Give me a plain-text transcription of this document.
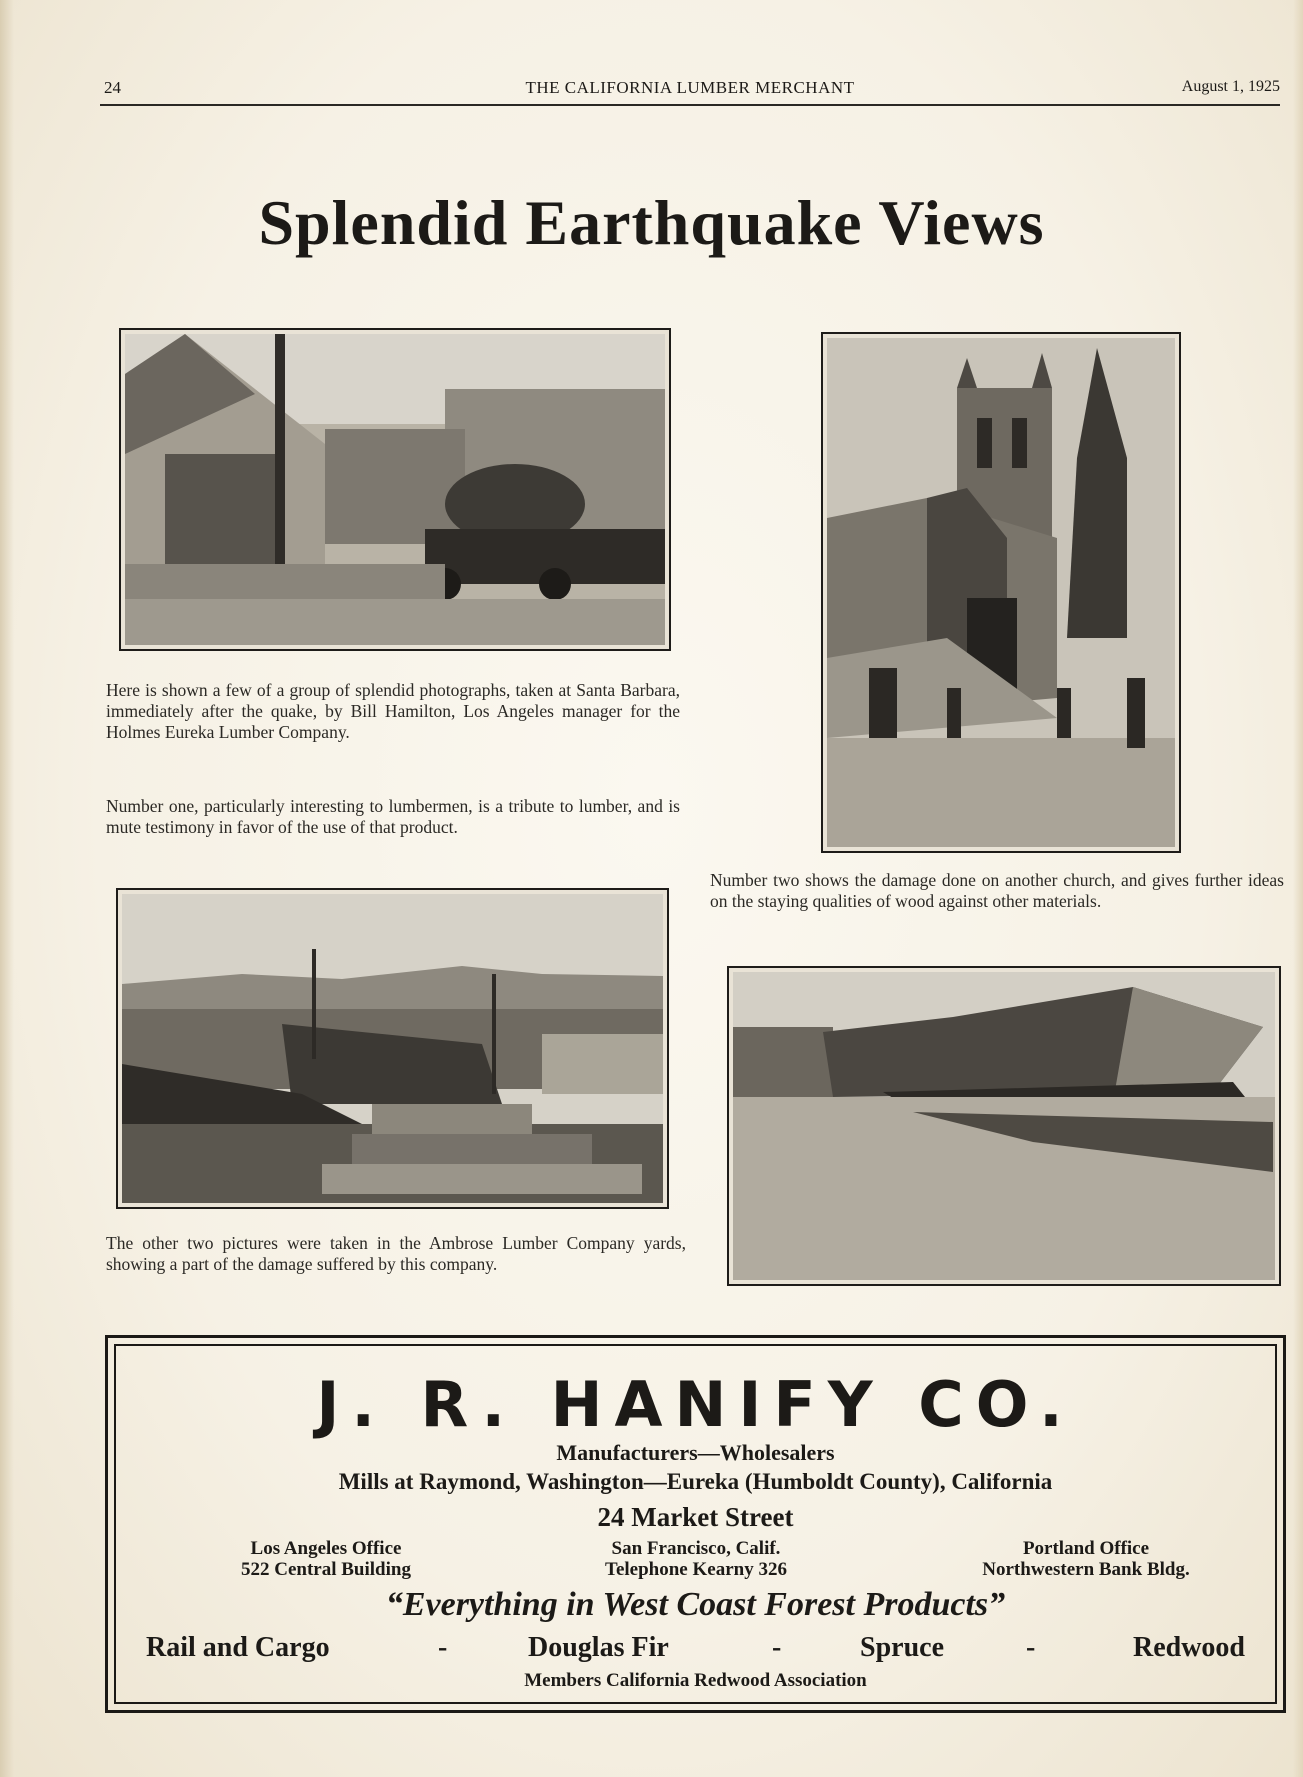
24	THE CALIFORNIA LUMBER MERCHANT	August 1, 1925
Splendid Earthquake Views

Here is shown a few of a group of splendid photographs, taken at Santa Barbara, immediately after the quake, by Bill Hamilton, Los Angeles manager for the Holmes Eureka Lumber Company.

Number one, particularly interesting to lumbermen, is a tribute to lumber, and is mute testimony in favor of the use of that product.

Number two shows the damage done on another church, and gives further ideas on the staying qualities of wood against other materials.

The other two pictures were taken in the Ambrose Lumber Company yards, showing a part of the damage suffered by this company.

J. R. HANIFY CO.
Manufacturers—Wholesalers
Mills at Raymond, Washington—Eureka (Humboldt County), California
24 Market Street
Los Angeles Office
522 Central Building
San Francisco, Calif.
Telephone Kearny 326
Portland Office
Northwestern Bank Bldg.
“Everything in West Coast Forest Products”
Rail and Cargo	-	Douglas Fir	-	Spruce	-	Redwood
Members California Redwood Association
